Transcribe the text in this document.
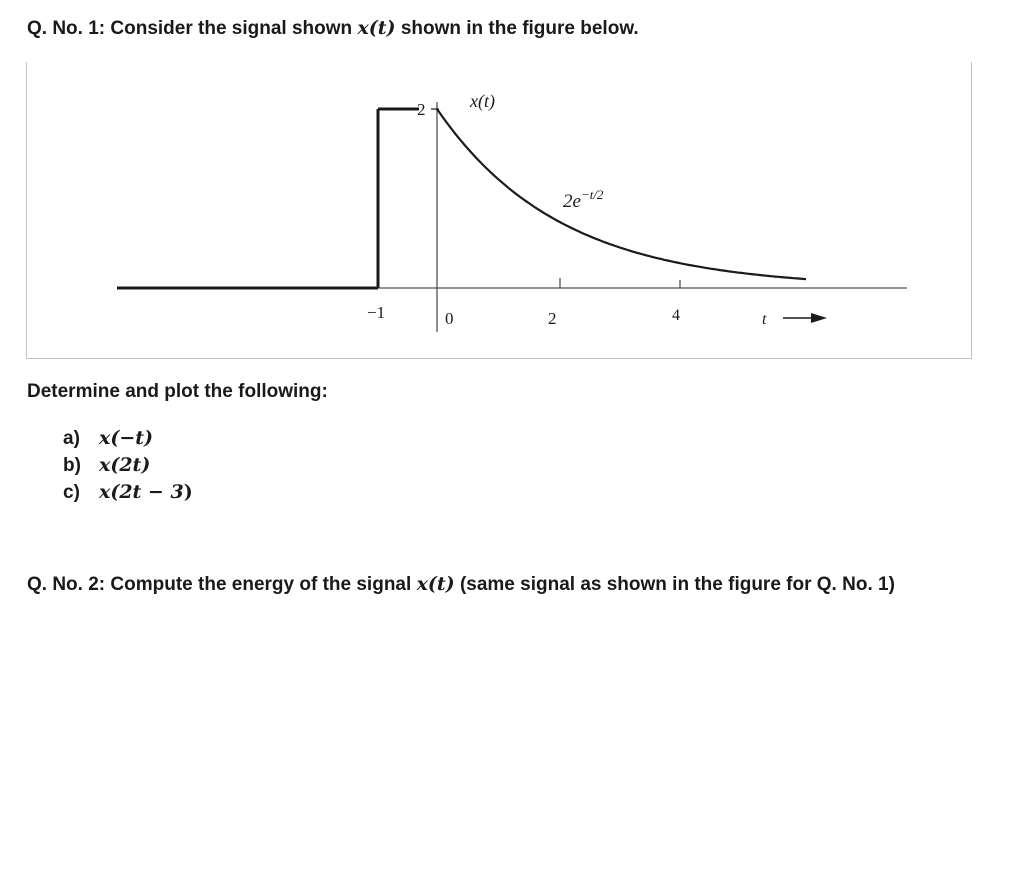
Q. No. 1: Consider the signal shown x(t) shown in the figure below.
2 x(t)
$2e^{-t/2}$
−1	0	2	4	t
Determine and plot the following:
a) x(−t)
b) x(2t)
c) x(2t − 3)
Q. No. 2: Compute the energy of the signal x(t) (same signal as shown in the figure for Q. No. 1)
